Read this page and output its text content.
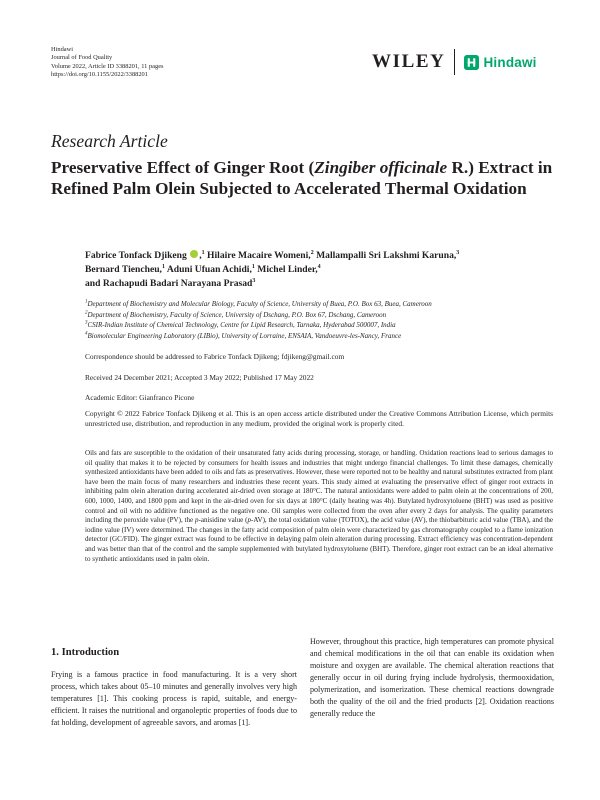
Hindawi
Journal of Food Quality
Volume 2022, Article ID 3388201, 11 pages
https://doi.org/10.1155/2022/3388201
WILEY	Hindawi
Research Article
Preservative Effect of Ginger Root (Zingiber officinale R.) Extract in Refined Palm Olein Subjected to Accelerated Thermal Oxidation
Fabrice Tonfack Djikeng ,$^1$ Hilaire Macaire Womeni,$^2$ Mallampalli Sri Lakshmi Karuna,$^3$
Bernard Tiencheu,$^1$ Aduni Ufuan Achidi,$^1$ Michel Linder,$^4$
and Rachapudi Badari Narayana Prasad$^3$
$^1$Department of Biochemistry and Molecular Biology, Faculty of Science, University of Buea, P.O. Box 63, Buea, Cameroon
$^2$Department of Biochemistry, Faculty of Science, University of Dschang, P.O. Box 67, Dschang, Cameroon
$^3$CSIR-Indian Institute of Chemical Technology, Centre for Lipid Research, Tarnaka, Hyderabad 500007, India
$^4$Biomolecular Engineering Laboratory (LIBio), University of Lorraine, ENSAIA, Vandoeuvre-les-Nancy, France
Correspondence should be addressed to Fabrice Tonfack Djikeng; fdjikeng@gmail.com
Received 24 December 2021; Accepted 3 May 2022; Published 17 May 2022
Academic Editor: Gianfranco Picone
Copyright © 2022 Fabrice Tonfack Djikeng et al. This is an open access article distributed under the Creative Commons Attribution License, which permits unrestricted use, distribution, and reproduction in any medium, provided the original work is properly cited.
Oils and fats are susceptible to the oxidation of their unsaturated fatty acids during processing, storage, or handling. Oxidation reactions lead to serious damages to oil quality that makes it to be rejected by consumers for health issues and industries that might undergo financial challenges. To limit these damages, chemically synthesized antioxidants have been added to oils and fats as preservatives. However, these were reported not to be healthy and natural substitutes extracted from plant have been the main focus of many researchers and industries these recent years. This study aimed at evaluating the preservative effect of ginger root extracts in inhibiting palm olein alteration during accelerated air-dried oven storage at 180°C. The natural antioxidants were added to palm olein at the concentrations of 200, 600, 1000, 1400, and 1800 ppm and kept in the air-dried oven for six days at 180°C (daily heating was 4h). Butylated hydroxytoluene (BHT) was used as positive control and oil with no additive functioned as the negative one. Oil samples were collected from the oven after every 2 days for analysis. The quality parameters including the peroxide value (PV), the p-anisidine value (p-AV), the total oxidation value (TOTOX), the acid value (AV), the thiobarbituric acid value (TBA), and the iodine value (IV) were determined. The changes in the fatty acid composition of palm olein were characterized by gas chromatography coupled to a flame ionization detector (GC/FID). The ginger extract was found to be effective in delaying palm olein alteration during processing. Extract efficiency was concentration-dependent and was better than that of the control and the sample supplemented with butylated hydroxytoluene (BHT). Therefore, ginger root extract can be an ideal alternative to synthetic antioxidants used in palm olein.
1. Introduction
Frying is a famous practice in food manufacturing. It is a very short process, which takes about 05–10 minutes and generally involves very high temperatures [1]. This cooking process is rapid, suitable, and energy-efficient. It raises the nutritional and organoleptic properties of foods due to fat holding, development of agreeable savors, and aromas [1].
However, throughout this practice, high temperatures can promote physical and chemical modifications in the oil that can enable its oxidation when moisture and oxygen are available. The chemical alteration reactions that generally occur in oil during frying include hydrolysis, thermooxidation, polymerization, and isomerization. These chemical reactions downgrade both the quality of the oil and the fried products [2]. Oxidation reactions generally reduce the
